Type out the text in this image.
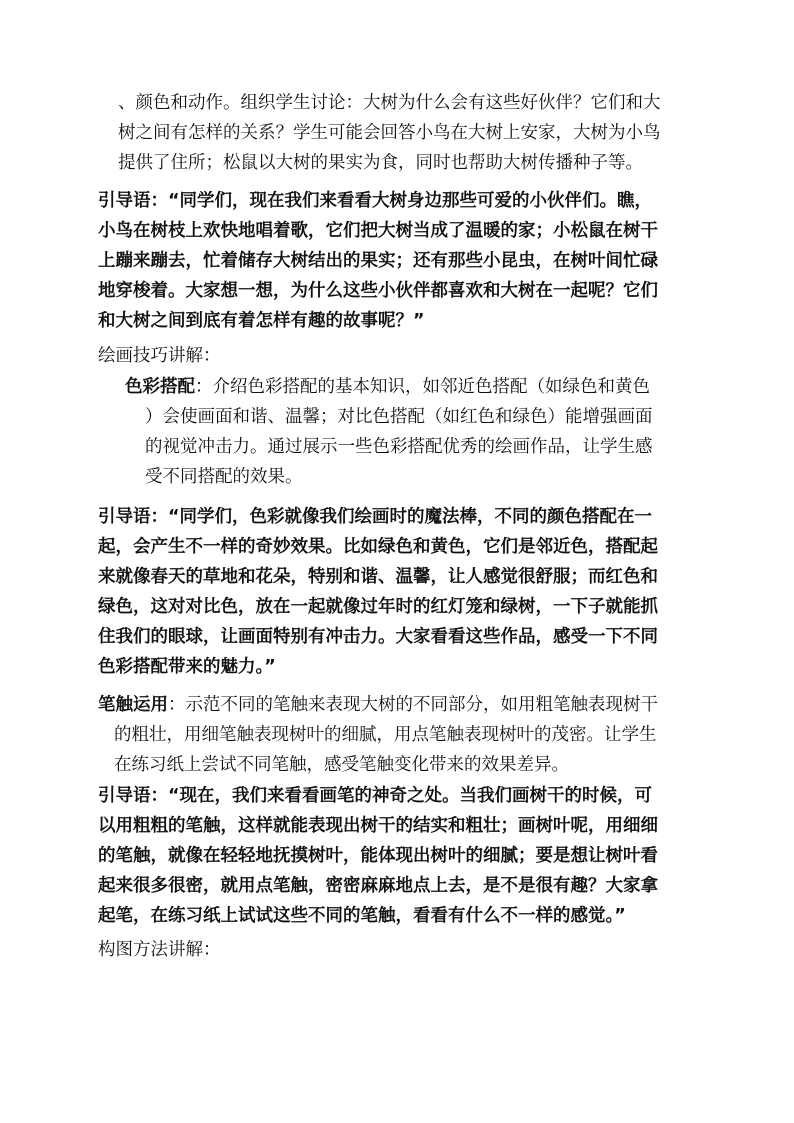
、颜色和动作。组织学生讨论：大树为什么会有这些好伙伴？它们和大
树之间有怎样的关系？学生可能会回答小鸟在大树上安家，大树为小鸟
提供了住所；松鼠以大树的果实为食，同时也帮助大树传播种子等。

引导语：“同学们，现在我们来看看大树身边那些可爱的小伙伴们。瞧，
小鸟在树枝上欢快地唱着歌，它们把大树当成了温暖的家；小松鼠在树干
上蹦来蹦去，忙着储存大树结出的果实；还有那些小昆虫，在树叶间忙碌
地穿梭着。大家想一想，为什么这些小伙伴都喜欢和大树在一起呢？它们
和大树之间到底有着怎样有趣的故事呢？”

绘画技巧讲解：

色彩搭配：介绍色彩搭配的基本知识，如邻近色搭配（如绿色和黄色
）会使画面和谐、温馨；对比色搭配（如红色和绿色）能增强画面
的视觉冲击力。通过展示一些色彩搭配优秀的绘画作品，让学生感
受不同搭配的效果。

引导语：“同学们，色彩就像我们绘画时的魔法棒，不同的颜色搭配在一
起，会产生不一样的奇妙效果。比如绿色和黄色，它们是邻近色，搭配起
来就像春天的草地和花朵，特别和谐、温馨，让人感觉很舒服；而红色和
绿色，这对对比色，放在一起就像过年时的红灯笼和绿树，一下子就能抓
住我们的眼球，让画面特别有冲击力。大家看看这些作品，感受一下不同
色彩搭配带来的魅力。”

笔触运用：示范不同的笔触来表现大树的不同部分，如用粗笔触表现树干
的粗壮，用细笔触表现树叶的细腻，用点笔触表现树叶的茂密。让学生
在练习纸上尝试不同笔触，感受笔触变化带来的效果差异。

引导语：“现在，我们来看看画笔的神奇之处。当我们画树干的时候，可
以用粗粗的笔触，这样就能表现出树干的结实和粗壮；画树叶呢，用细细
的笔触，就像在轻轻地抚摸树叶，能体现出树叶的细腻；要是想让树叶看
起来很多很密，就用点笔触，密密麻麻地点上去，是不是很有趣？大家拿
起笔，在练习纸上试试这些不同的笔触，看看有什么不一样的感觉。”

构图方法讲解：
